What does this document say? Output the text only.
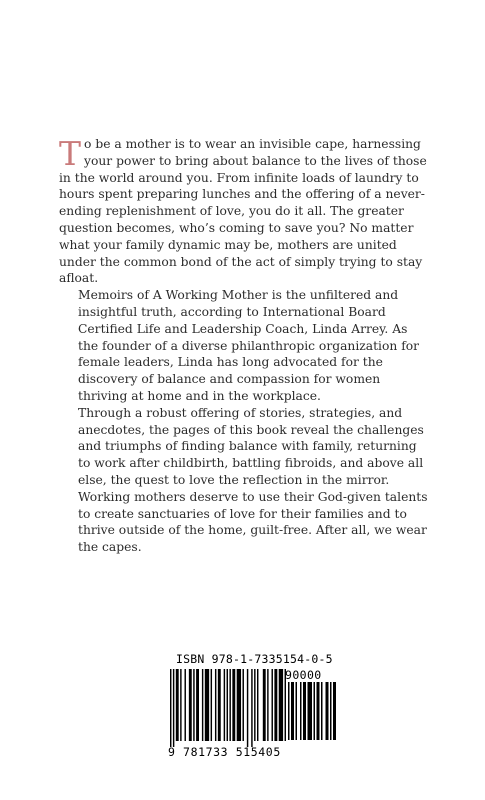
To be a mother is to wear an invisible cape, harnessing your power to bring about balance to the lives of those in the world around you. From infinite loads of laundry to hours spent preparing lunches and the offering of a never-ending replenishment of love, you do it all. The greater question becomes, who’s coming to save you? No matter what your family dynamic may be, mothers are united under the common bond of the act of simply trying to stay afloat.

Memoirs of A Working Mother is the unfiltered and insightful truth, according to International Board Certified Life and Leadership Coach, Linda Arrey. As the founder of a diverse philanthropic organization for female leaders, Linda has long advocated for the discovery of balance and compassion for women thriving at home and in the workplace.

Through a robust offering of stories, strategies, and anecdotes, the pages of this book reveal the challenges and triumphs of finding balance with family, returning to work after childbirth, battling fibroids, and above all else, the quest to love the reflection in the mirror. Working mothers deserve to use their God-given talents to create sanctuaries of love for their families and to thrive outside of the home, guilt-free. After all, we wear the capes.

ISBN 978-1-7335154-0-5
90000
9 781733 515405
